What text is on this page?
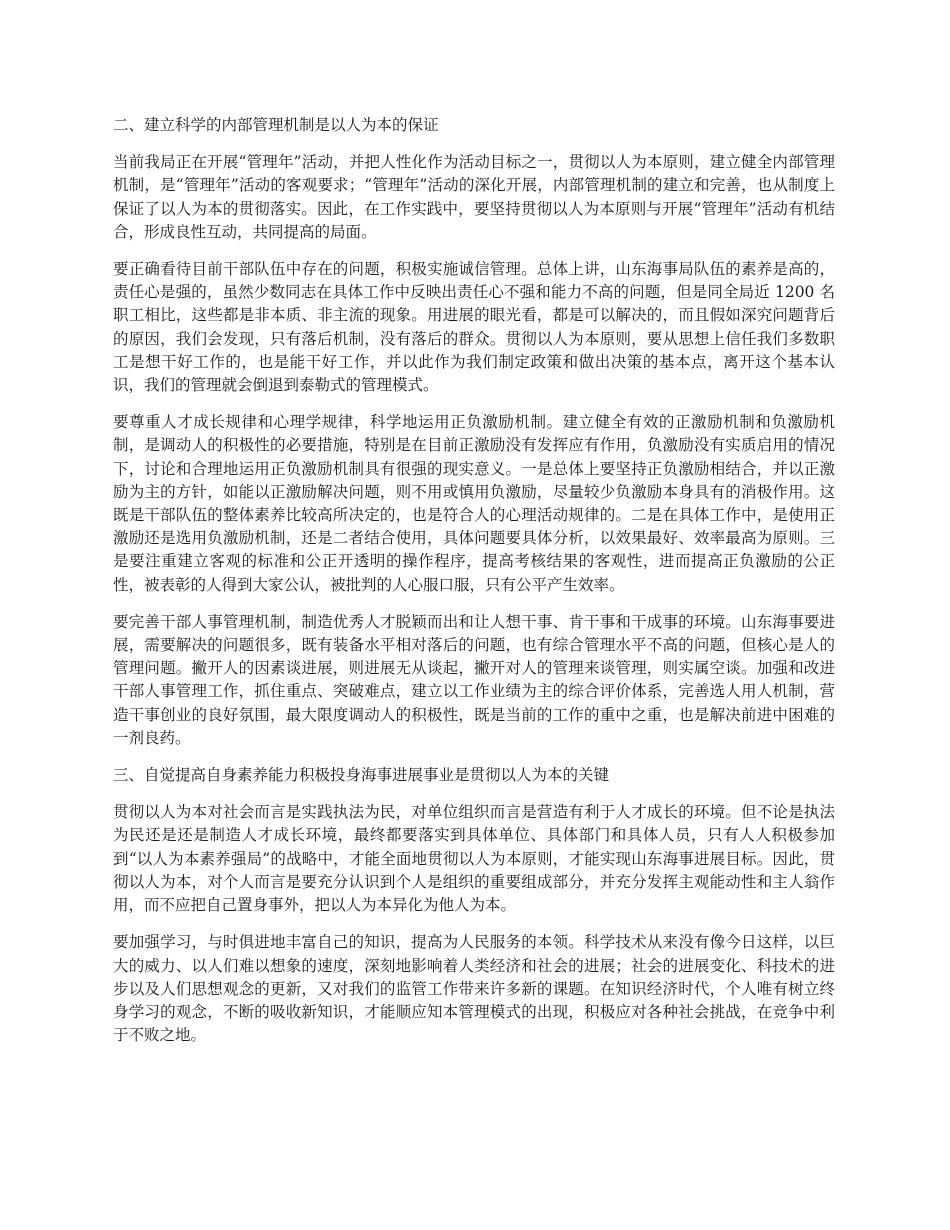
二、建立科学的内部管理机制是以人为本的保证

当前我局正在开展“管理年”活动，并把人性化作为活动目标之一，贯彻以人为本原则，建立健全内部管理机制，是“管理年”活动的客观要求；“管理年”活动的深化开展，内部管理机制的建立和完善，也从制度上保证了以人为本的贯彻落实。因此，在工作实践中，要坚持贯彻以人为本原则与开展“管理年”活动有机结合，形成良性互动，共同提高的局面。

要正确看待目前干部队伍中存在的问题，积极实施诚信管理。总体上讲，山东海事局队伍的素养是高的，责任心是强的，虽然少数同志在具体工作中反映出责任心不强和能力不高的问题，但是同全局近 1200 名职工相比，这些都是非本质、非主流的现象。用进展的眼光看，都是可以解决的，而且假如深究问题背后的原因，我们会发现，只有落后机制，没有落后的群众。贯彻以人为本原则，要从思想上信任我们多数职工是想干好工作的，也是能干好工作，并以此作为我们制定政策和做出决策的基本点，离开这个基本认识，我们的管理就会倒退到泰勒式的管理模式。

要尊重人才成长规律和心理学规律，科学地运用正负激励机制。建立健全有效的正激励机制和负激励机制，是调动人的积极性的必要措施，特别是在目前正激励没有发挥应有作用，负激励没有实质启用的情况下，讨论和合理地运用正负激励机制具有很强的现实意义。一是总体上要坚持正负激励相结合，并以正激励为主的方针，如能以正激励解决问题，则不用或慎用负激励，尽量较少负激励本身具有的消极作用。这既是干部队伍的整体素养比较高所决定的，也是符合人的心理活动规律的。二是在具体工作中，是使用正激励还是选用负激励机制，还是二者结合使用，具体问题要具体分析，以效果最好、效率最高为原则。三是要注重建立客观的标准和公正开透明的操作程序，提高考核结果的客观性，进而提高正负激励的公正性，被表彰的人得到大家公认，被批判的人心服口服，只有公平产生效率。

要完善干部人事管理机制，制造优秀人才脱颖而出和让人想干事、肯干事和干成事的环境。山东海事要进展，需要解决的问题很多，既有装备水平相对落后的问题，也有综合管理水平不高的问题，但核心是人的管理问题。撇开人的因素谈进展，则进展无从谈起，撇开对人的管理来谈管理，则实属空谈。加强和改进干部人事管理工作，抓住重点、突破难点，建立以工作业绩为主的综合评价体系，完善选人用人机制，营造干事创业的良好氛围，最大限度调动人的积极性，既是当前的工作的重中之重，也是解决前进中困难的一剂良药。

三、自觉提高自身素养能力积极投身海事进展事业是贯彻以人为本的关键

贯彻以人为本对社会而言是实践执法为民，对单位组织而言是营造有利于人才成长的环境。但不论是执法为民还是还是制造人才成长环境，最终都要落实到具体单位、具体部门和具体人员，只有人人积极参加到“以人为本素养强局”的战略中，才能全面地贯彻以人为本原则，才能实现山东海事进展目标。因此，贯彻以人为本，对个人而言是要充分认识到个人是组织的重要组成部分，并充分发挥主观能动性和主人翁作用，而不应把自己置身事外，把以人为本异化为他人为本。

要加强学习，与时俱进地丰富自己的知识，提高为人民服务的本领。科学技术从来没有像今日这样，以巨大的威力、以人们难以想象的速度，深刻地影响着人类经济和社会的进展；社会的进展变化、科技术的进步以及人们思想观念的更新，又对我们的监管工作带来许多新的课题。在知识经济时代，个人唯有树立终身学习的观念，不断的吸收新知识，才能顺应知本管理模式的出现，积极应对各种社会挑战，在竞争中利于不败之地。
